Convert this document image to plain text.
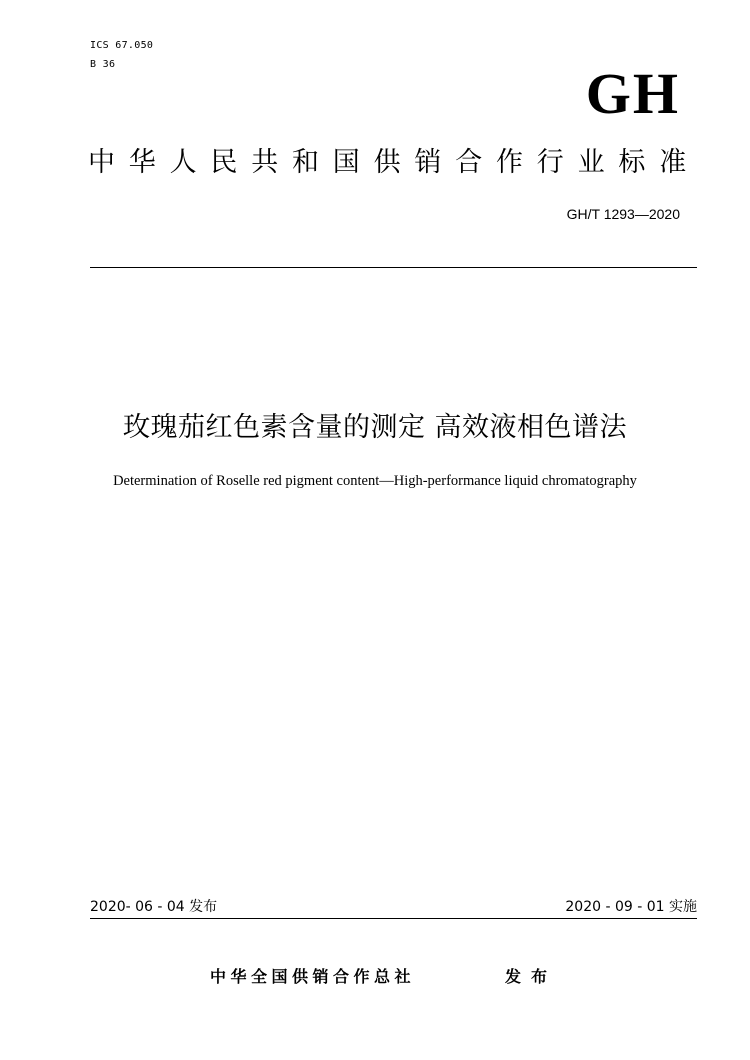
ICS 67.050
B 36	GH
中华人民共和国供销合作行业标准
GH/T 1293—2020
玫瑰茄红色素含量的测定 高效液相色谱法
Determination of Roselle red pigment content—High-performance liquid chromatography
2020- 06 - 04 发布	2020 - 09 - 01 实施
中华全国供销合作总社	发布
